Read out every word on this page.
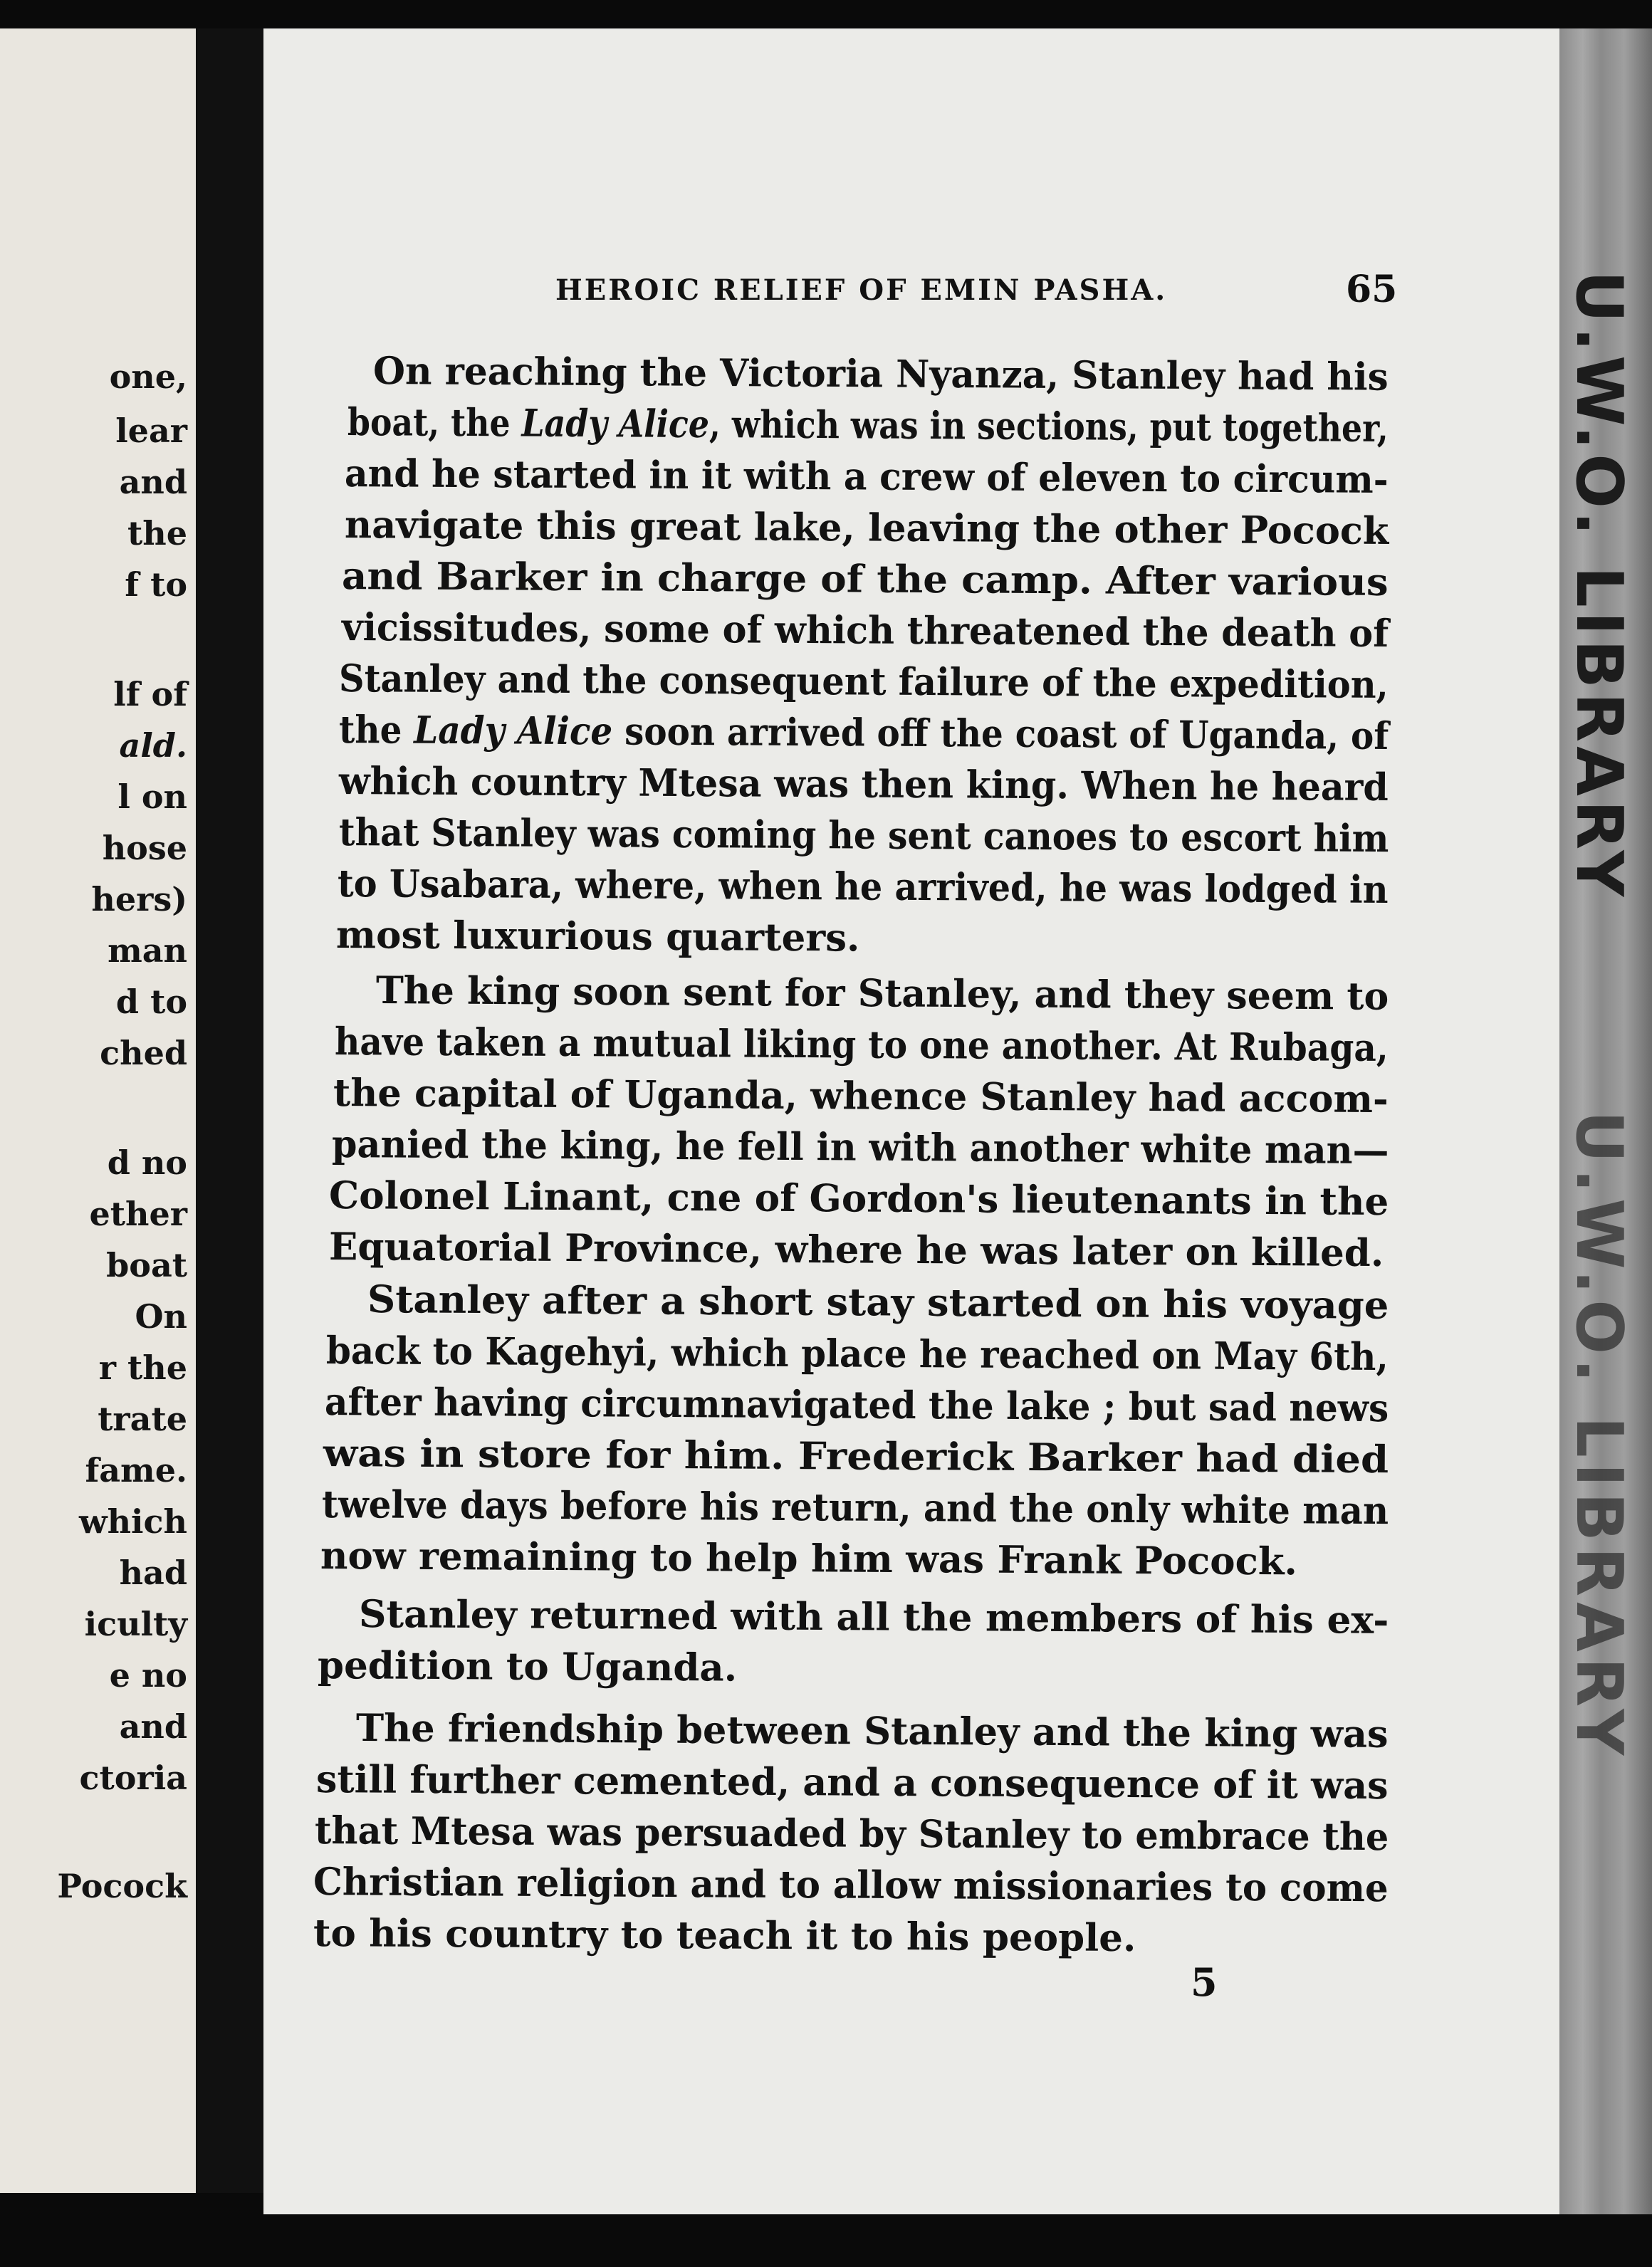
one,
lear
and
the
f to
lf of
ald.
l on
hose
hers)
man
d to
ched
d no
ether
boat
On
r the
trate
fame.
which
had
iculty
e no
and
ctoria
Pocock
U.W.O. LIBRARY
U.W.O. LIBRARY
HEROIC RELIEF OF EMIN PASHA.	65
On reaching the Victoria Nyanza, Stanley had his
boat, the Lady Alice, which was in sections, put together,
and he started in it with a crew of eleven to circum-
navigate this great lake, leaving the other Pocock
and Barker in charge of the camp. After various
vicissitudes, some of which threatened the death of
Stanley and the consequent failure of the expedition,
the Lady Alice soon arrived off the coast of Uganda, of
which country Mtesa was then king. When he heard
that Stanley was coming he sent canoes to escort him
to Usabara, where, when he arrived, he was lodged in
most luxurious quarters.
The king soon sent for Stanley, and they seem to
have taken a mutual liking to one another. At Rubaga,
the capital of Uganda, whence Stanley had accom-
panied the king, he fell in with another white man—
Colonel Linant, cne of Gordon's lieutenants in the
Equatorial Province, where he was later on killed.
Stanley after a short stay started on his voyage
back to Kagehyi, which place he reached on May 6th,
after having circumnavigated the lake ; but sad news
was in store for him. Frederick Barker had died
twelve days before his return, and the only white man
now remaining to help him was Frank Pocock.
Stanley returned with all the members of his ex-
pedition to Uganda.
The friendship between Stanley and the king was
still further cemented, and a consequence of it was
that Mtesa was persuaded by Stanley to embrace the
Christian religion and to allow missionaries to come
to his country to teach it to his people.
5
